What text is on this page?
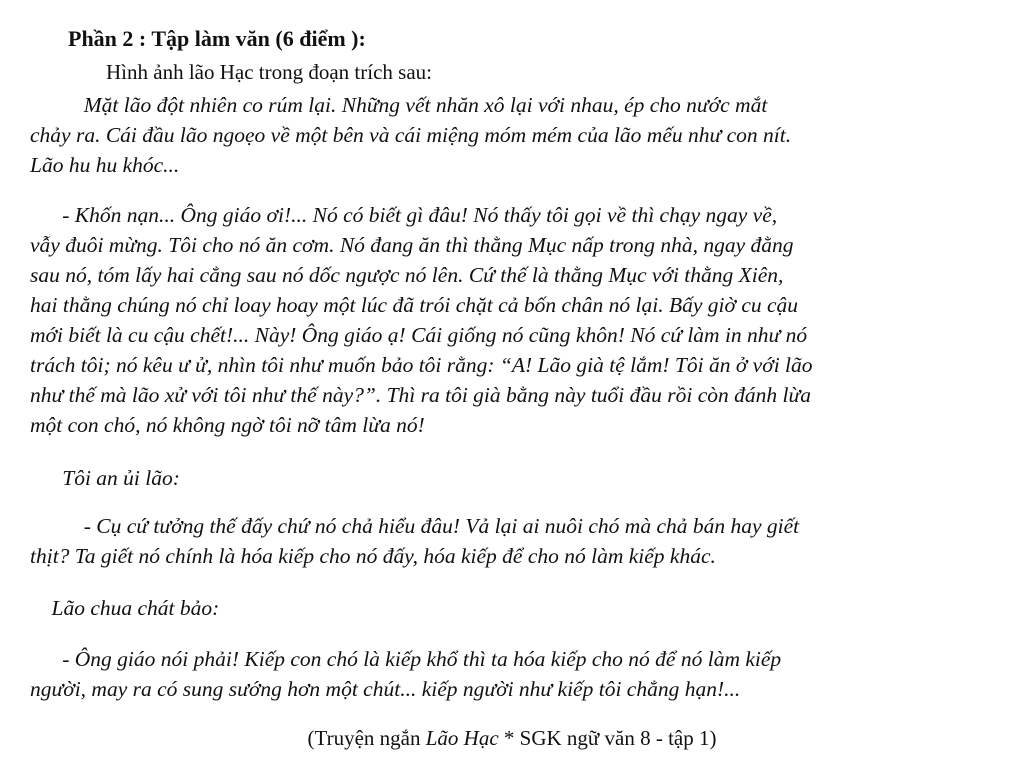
Phần 2 : Tập làm văn (6 điểm ):

Hình ảnh lão Hạc trong đoạn trích sau:

Mặt lão đột nhiên co rúm lại. Những vết nhăn xô lại với nhau, ép cho nước mắt
chảy ra. Cái đầu lão ngoẹo về một bên và cái miệng móm mém của lão mếu như con nít.
Lão hu hu khóc...

- Khốn nạn... Ông giáo ơi!... Nó có biết gì đâu! Nó thấy tôi gọi về thì chạy ngay về,
vẫy đuôi mừng. Tôi cho nó ăn cơm. Nó đang ăn thì thằng Mục nấp trong nhà, ngay đằng
sau nó, tóm lấy hai cẳng sau nó dốc ngược nó lên. Cứ thế là thằng Mục với thằng Xiên,
hai thằng chúng nó chỉ loay hoay một lúc đã trói chặt cả bốn chân nó lại. Bấy giờ cu cậu
mới biết là cu cậu chết!... Này! Ông giáo ạ! Cái giống nó cũng khôn! Nó cứ làm in như nó
trách tôi; nó kêu ư ử, nhìn tôi như muốn bảo tôi rằng: “A! Lão già tệ lắm! Tôi ăn ở với lão
như thế mà lão xử với tôi như thế này?”. Thì ra tôi già bằng này tuổi đầu rồi còn đánh lừa
một con chó, nó không ngờ tôi nỡ tâm lừa nó!

Tôi an ủi lão:

- Cụ cứ tưởng thế đấy chứ nó chả hiểu đâu! Vả lại ai nuôi chó mà chả bán hay giết
thịt? Ta giết nó chính là hóa kiếp cho nó đấy, hóa kiếp để cho nó làm kiếp khác.

Lão chua chát bảo:

- Ông giáo nói phải! Kiếp con chó là kiếp khổ thì ta hóa kiếp cho nó để nó làm kiếp
người, may ra có sung sướng hơn một chút... kiếp người như kiếp tôi chẳng hạn!...

(Truyện ngắn Lão Hạc * SGK ngữ văn 8 - tập 1)
